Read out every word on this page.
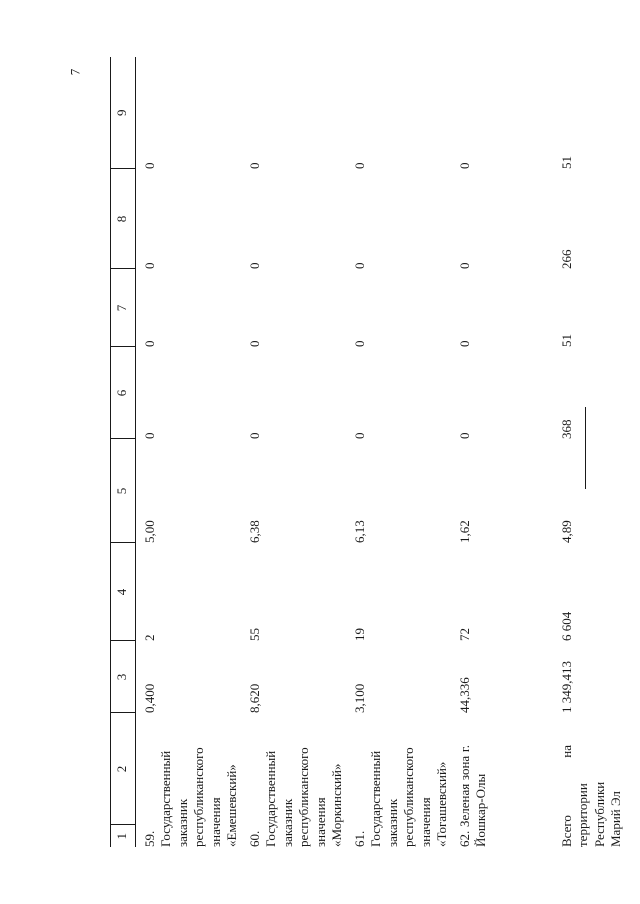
7
1	2	3	4	5	6	7	8	9

59. Государственный заказник республиканского значения «Емешевский»		0,400	2	5,00	0	0	0	0

60. Государственный заказник республиканского значения «Моркинский»		8,620	55	6,38	0	0	0	0

61. Государственный заказник республиканского значения «Тогашевский»		3,100	19	6,13	0	0	0	0

62. Зеленая зона г. Йошкар-Олы		44,336	72	1,62	0	0	0	0

Всего на территории Республики Марий Эл		1 349,413	6 604	4,89	368	51	266	51
